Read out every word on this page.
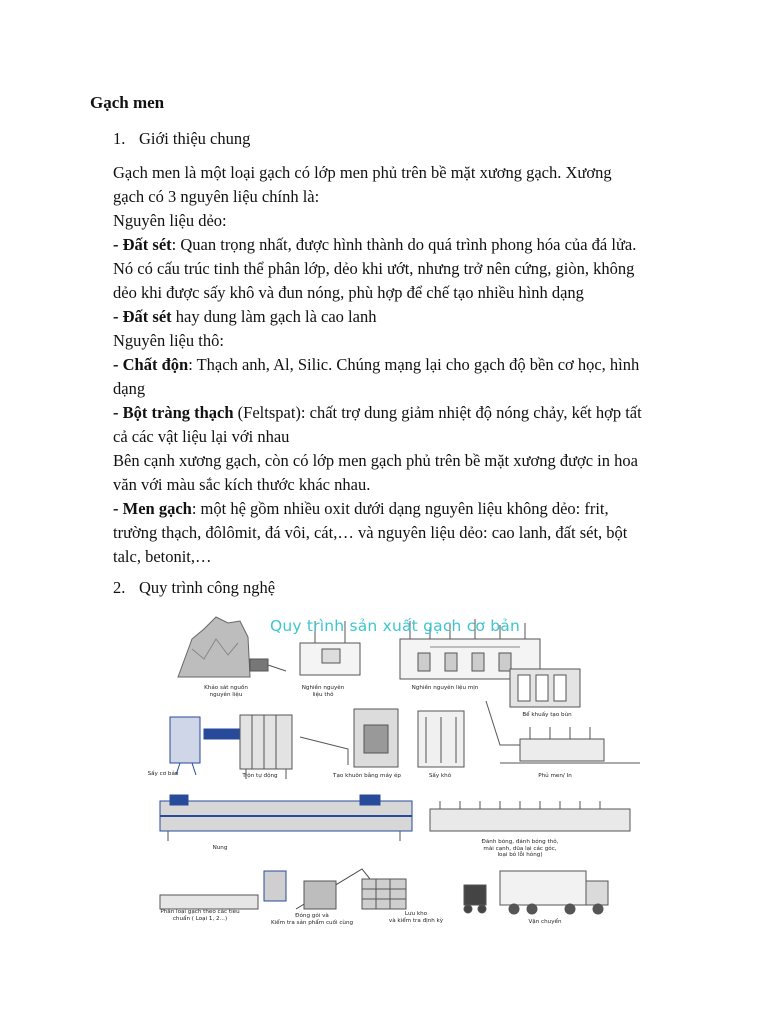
Gạch men
1. Giới thiệu chung

Gạch men là một loại gạch có lớp men phủ trên bề mặt xương gạch. Xương

gạch có 3 nguyên liệu chính là:

Nguyên liệu dẻo:

- Đất sét: Quan trọng nhất, được hình thành do quá trình phong hóa của đá lửa.

Nó có cấu trúc tinh thể phân lớp, dẻo khi ướt, nhưng trở nên cứng, giòn, không

dẻo khi được sấy khô và đun nóng, phù hợp để chế tạo nhiều hình dạng

- Đất sét hay dung làm gạch là cao lanh

Nguyên liệu thô:

- Chất độn: Thạch anh, Al, Silic. Chúng mạng lại cho gạch độ bền cơ học, hình

dạng

- Bột tràng thạch (Feltspat): chất trợ dung giảm nhiệt độ nóng chảy, kết hợp tất

cả các vật liệu lại với nhau

Bên cạnh xương gạch, còn có lớp men gạch phủ trên bề mặt xương được in hoa

văn với màu sắc kích thước khác nhau.

- Men gạch: một hệ gồm nhiều oxit dưới dạng nguyên liệu không dẻo: frit,

trường thạch, đôlômit, đá vôi, cát,… và nguyên liệu dẻo: cao lanh, đất sét, bột

talc, betonit,…

2. Quy trình công nghệ
Quy trình sản xuất gạch cơ bản
Khảo sát nguồn
nguyên liệu
Nghiền nguyên
liệu thô
Nghiền nguyên liệu mịn
Bể khuấy tạo bùn
Sấy cơ bản	Trộn tự động	Tạo khuôn bằng máy ép	Sấy khô	Phủ men/ In
Nung
Đánh bóng, đánh bóng thô,
mài cạnh, dũa lại các góc,
loại bỏ lỗi hỏng)
Phân loại gạch theo các tiêu
chuẩn ( Loại 1, 2...)	Đóng gói và
Kiểm tra sản phẩm cuối cùng
Lưu kho
và kiểm tra định kỳ	Vận chuyển
